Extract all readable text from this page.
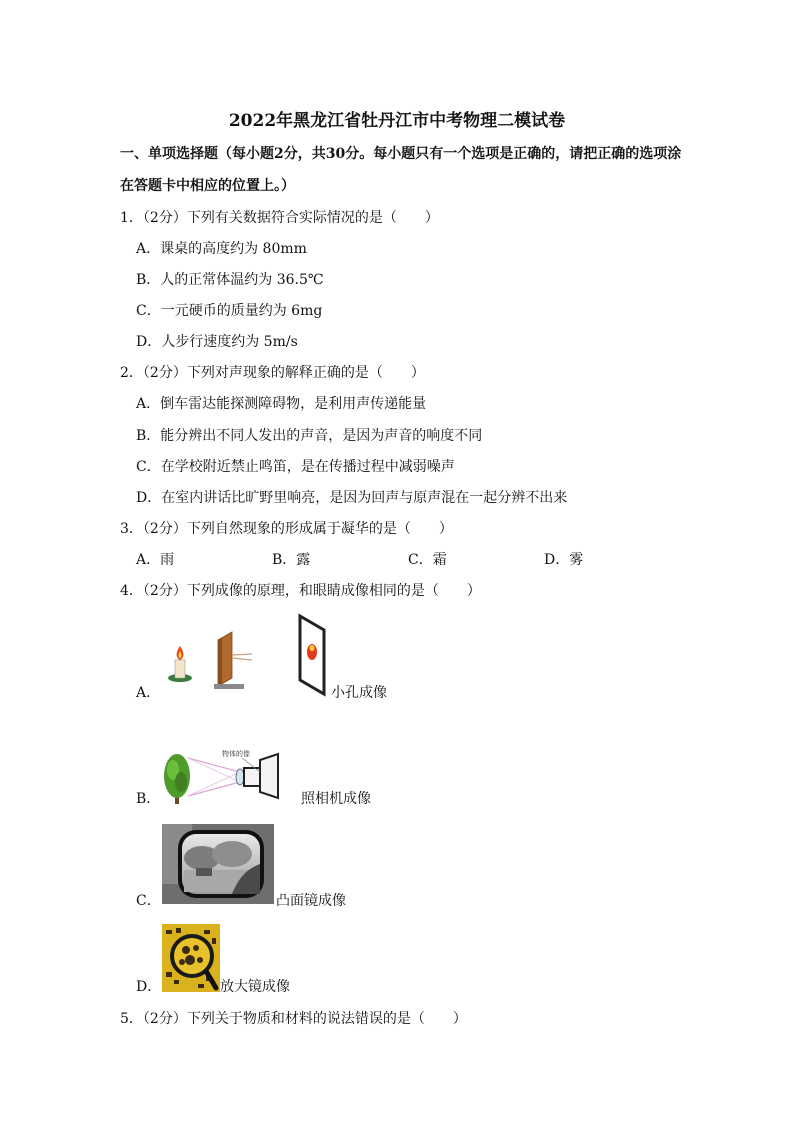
2022年黑龙江省牡丹江市中考物理二模试卷
一、单项选择题（每小题2分，共30分。每小题只有一个选项是正确的，请把正确的选项涂在答题卡中相应的位置上。）
1．（2分）下列有关数据符合实际情况的是（　　）
A．课桌的高度约为 80mm
B．人的正常体温约为 36.5℃
C．一元硬币的质量约为 6mg
D．人步行速度约为 5m/s
2．（2分）下列对声现象的解释正确的是（　　）
A．倒车雷达能探测障碍物，是利用声传递能量
B．能分辨出不同人发出的声音，是因为声音的响度不同
C．在学校附近禁止鸣笛，是在传播过程中减弱噪声
D．在室内讲话比旷野里响亮，是因为回声与原声混在一起分辨不出来
3．（2分）下列自然现象的形成属于凝华的是（　　）
A．雨	B．露	C．霜	D．雾
4．（2分）下列成像的原理，和眼睛成像相同的是（　　）
A．	小孔成像
B．
物体的像
照相机成像
C．	凸面镜成像
D．	放大镜成像
5．（2分）下列关于物质和材料的说法错误的是（　　）
